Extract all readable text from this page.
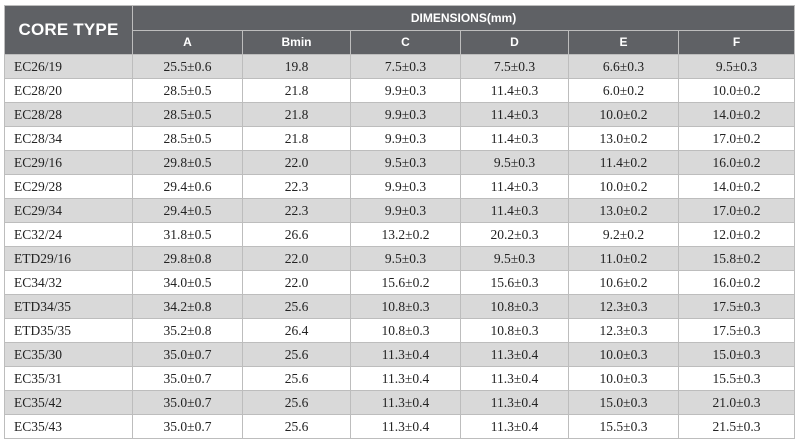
CORE TYPE	DIMENSIONS(mm)					
	A	Bmin	C	D	E	F
EC26/19	25.5±0.6	19.8	7.5±0.3	7.5±0.3	6.6±0.3	9.5±0.3
EC28/20	28.5±0.5	21.8	9.9±0.3	11.4±0.3	6.0±0.2	10.0±0.2
EC28/28	28.5±0.5	21.8	9.9±0.3	11.4±0.3	10.0±0.2	14.0±0.2
EC28/34	28.5±0.5	21.8	9.9±0.3	11.4±0.3	13.0±0.2	17.0±0.2
EC29/16	29.8±0.5	22.0	9.5±0.3	9.5±0.3	11.4±0.2	16.0±0.2
EC29/28	29.4±0.6	22.3	9.9±0.3	11.4±0.3	10.0±0.2	14.0±0.2
EC29/34	29.4±0.5	22.3	9.9±0.3	11.4±0.3	13.0±0.2	17.0±0.2
EC32/24	31.8±0.5	26.6	13.2±0.2	20.2±0.3	9.2±0.2	12.0±0.2
ETD29/16	29.8±0.8	22.0	9.5±0.3	9.5±0.3	11.0±0.2	15.8±0.2
EC34/32	34.0±0.5	22.0	15.6±0.2	15.6±0.3	10.6±0.2	16.0±0.2
ETD34/35	34.2±0.8	25.6	10.8±0.3	10.8±0.3	12.3±0.3	17.5±0.3
ETD35/35	35.2±0.8	26.4	10.8±0.3	10.8±0.3	12.3±0.3	17.5±0.3
EC35/30	35.0±0.7	25.6	11.3±0.4	11.3±0.4	10.0±0.3	15.0±0.3
EC35/31	35.0±0.7	25.6	11.3±0.4	11.3±0.4	10.0±0.3	15.5±0.3
EC35/42	35.0±0.7	25.6	11.3±0.4	11.3±0.4	15.0±0.3	21.0±0.3
EC35/43	35.0±0.7	25.6	11.3±0.4	11.3±0.4	15.5±0.3	21.5±0.3
